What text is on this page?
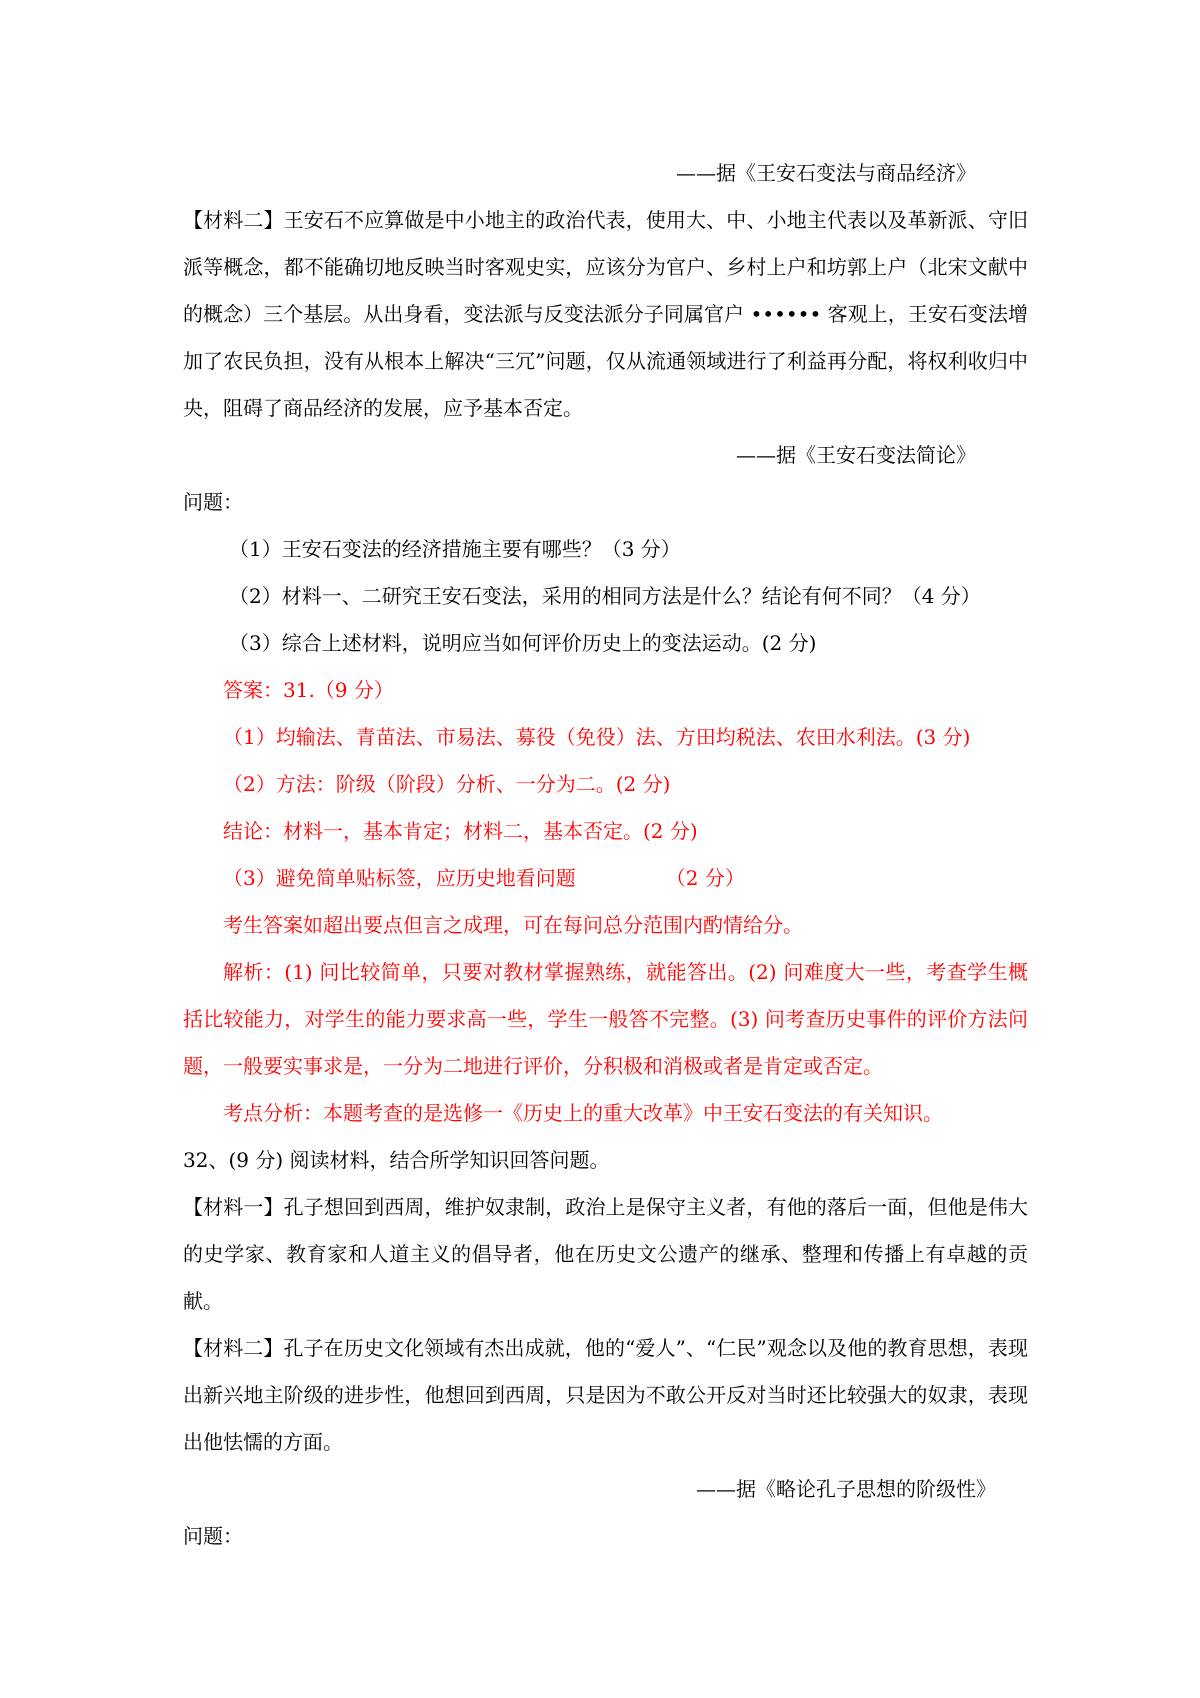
——据《王安石变法与商品经济》
【材料二】王安石不应算做是中小地主的政治代表，使用大、中、小地主代表以及革新派、守旧派等概念，都不能确切地反映当时客观史实，应该分为官户、乡村上户和坊郭上户（北宋文献中的概念）三个基层。从出身看，变法派与反变法派分子同属官户 •••••• 客观上，王安石变法增加了农民负担，没有从根本上解决“三冗”问题，仅从流通领域进行了利益再分配，将权利收归中央，阻碍了商品经济的发展，应予基本否定。
——据《王安石变法简论》
问题：
（1）王安石变法的经济措施主要有哪些？（3 分）
（2）材料一、二研究王安石变法，采用的相同方法是什么？结论有何不同？（4 分）
（3）综合上述材料，说明应当如何评价历史上的变法运动。(2 分)
答案：31.（9 分）
（1）均输法、青苗法、市易法、募役（免役）法、方田均税法、农田水利法。(3 分)
（2）方法：阶级（阶段）分析、一分为二。(2 分)
结论：材料一，基本肯定；材料二，基本否定。(2 分)
（3）避免简单贴标签，应历史地看问题	（2 分）
考生答案如超出要点但言之成理，可在每问总分范围内酌情给分。
解析：(1) 问比较简单，只要对教材掌握熟练，就能答出。(2) 问难度大一些，考查学生概括比较能力，对学生的能力要求高一些，学生一般答不完整。(3) 问考查历史事件的评价方法问题，一般要实事求是，一分为二地进行评价，分积极和消极或者是肯定或否定。
考点分析：本题考查的是选修一《历史上的重大改革》中王安石变法的有关知识。
32、(9 分) 阅读材料，结合所学知识回答问题。
【材料一】孔子想回到西周，维护奴隶制，政治上是保守主义者，有他的落后一面，但他是伟大的史学家、教育家和人道主义的倡导者，他在历史文公遗产的继承、整理和传播上有卓越的贡献。
【材料二】孔子在历史文化领域有杰出成就，他的“爱人”、“仁民”观念以及他的教育思想，表现出新兴地主阶级的进步性，他想回到西周，只是因为不敢公开反对当时还比较强大的奴隶，表现出他怯懦的方面。
——据《略论孔子思想的阶级性》
问题：
